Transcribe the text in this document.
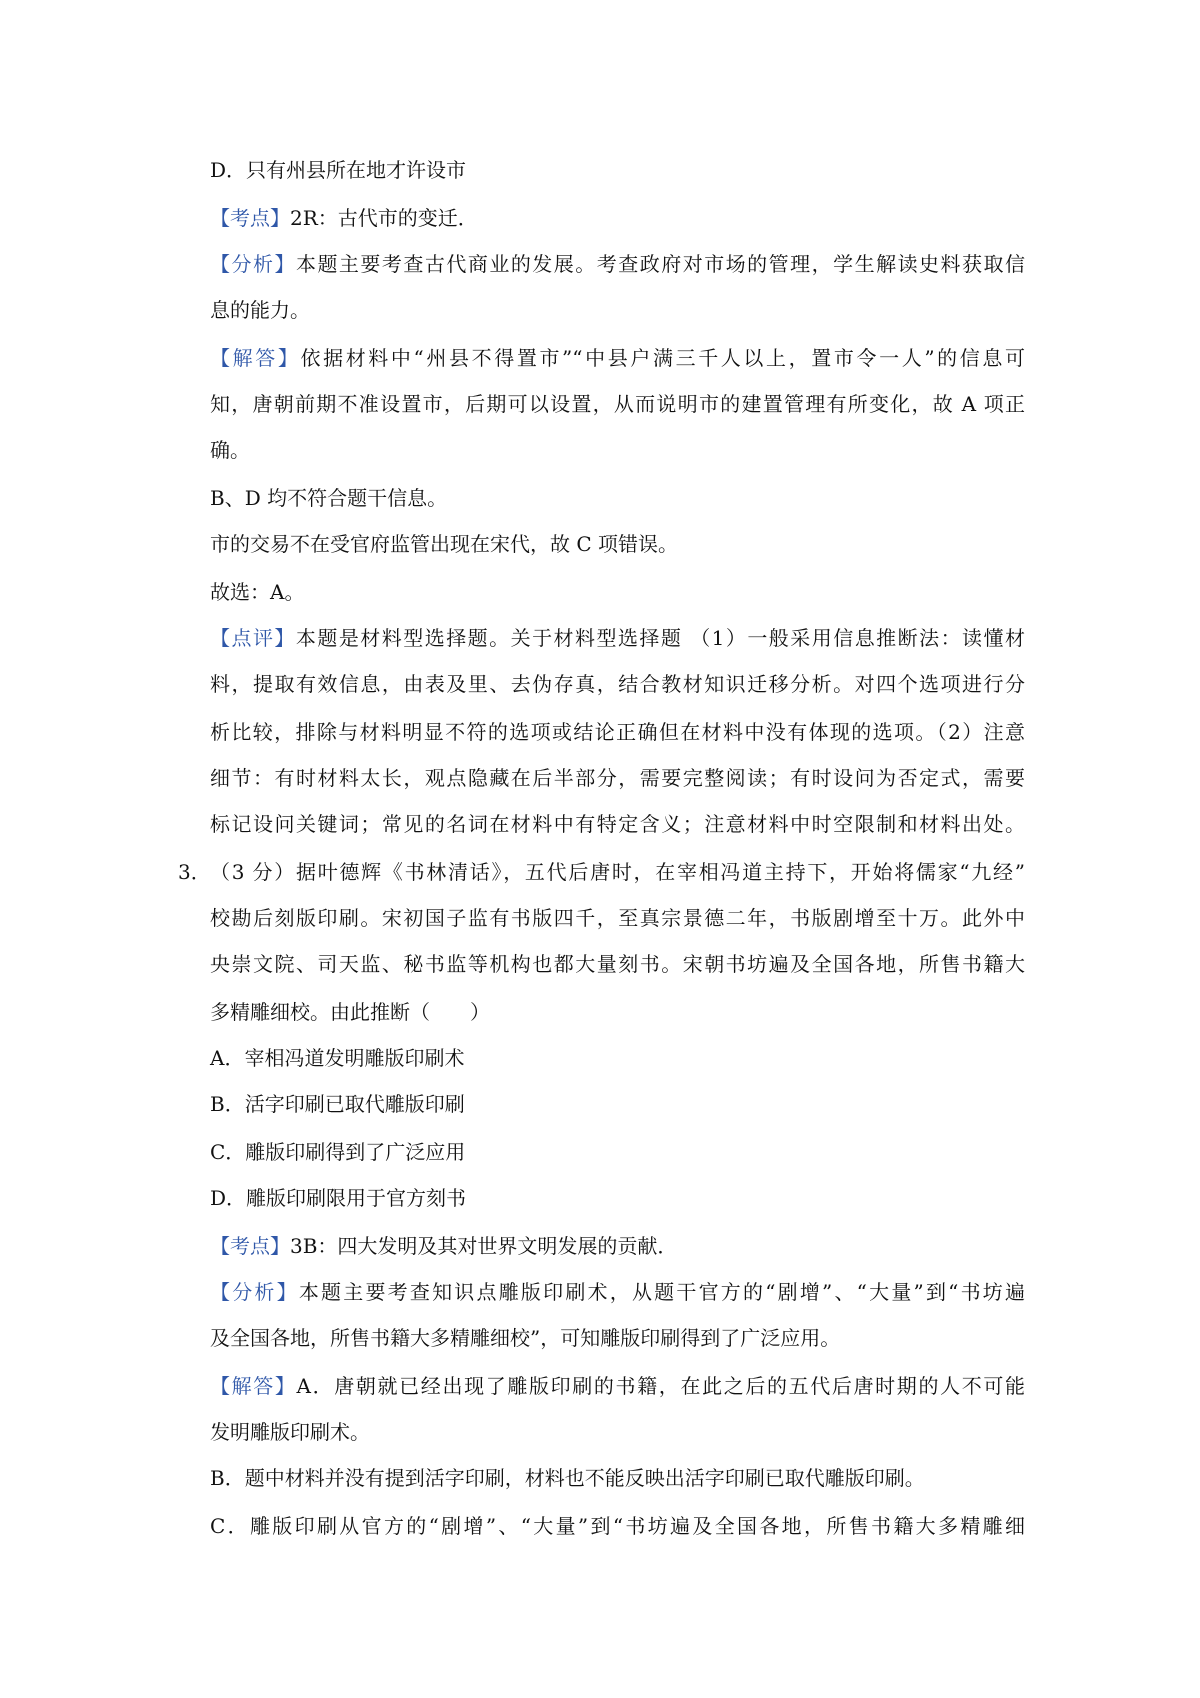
D．只有州县所在地才许设市
【考点】2R：古代市的变迁．
【分析】本题主要考查古代商业的发展。考查政府对市场的管理，学生解读史料获取信
息的能力。
【解答】依据材料中“州县不得置市”“中县户满三千人以上，置市令一人”的信息可
知，唐朝前期不准设置市，后期可以设置，从而说明市的建置管理有所变化，故 A 项正
确。
B、D 均不符合题干信息。
市的交易不在受官府监管出现在宋代，故 C 项错误。
故选：A。
【点评】本题是材料型选择题。关于材料型选择题 （1）一般采用信息推断法：读懂材
料，提取有效信息，由表及里、去伪存真，结合教材知识迁移分析。对四个选项进行分
析比较，排除与材料明显不符的选项或结论正确但在材料中没有体现的选项。（2）注意
细节：有时材料太长，观点隐藏在后半部分，需要完整阅读；有时设问为否定式，需要
标记设问关键词；常见的名词在材料中有特定含义；注意材料中时空限制和材料出处。
3． （3 分）据叶德辉《书林清话》，五代后唐时，在宰相冯道主持下，开始将儒家“九经”
校勘后刻版印刷。宋初国子监有书版四千，至真宗景德二年，书版剧增至十万。此外中
央崇文院、司天监、秘书监等机构也都大量刻书。宋朝书坊遍及全国各地，所售书籍大
多精雕细校。由此推断（　　）
A．宰相冯道发明雕版印刷术
B．活字印刷已取代雕版印刷
C．雕版印刷得到了广泛应用
D．雕版印刷限用于官方刻书
【考点】3B：四大发明及其对世界文明发展的贡献．
【分析】本题主要考查知识点雕版印刷术，从题干官方的“剧增”、“大量”到“书坊遍
及全国各地，所售书籍大多精雕细校”，可知雕版印刷得到了广泛应用。
【解答】A．唐朝就已经出现了雕版印刷的书籍，在此之后的五代后唐时期的人不可能
发明雕版印刷术。
B．题中材料并没有提到活字印刷，材料也不能反映出活字印刷已取代雕版印刷。
C．雕版印刷从官方的“剧增”、“大量”到“书坊遍及全国各地，所售书籍大多精雕细
